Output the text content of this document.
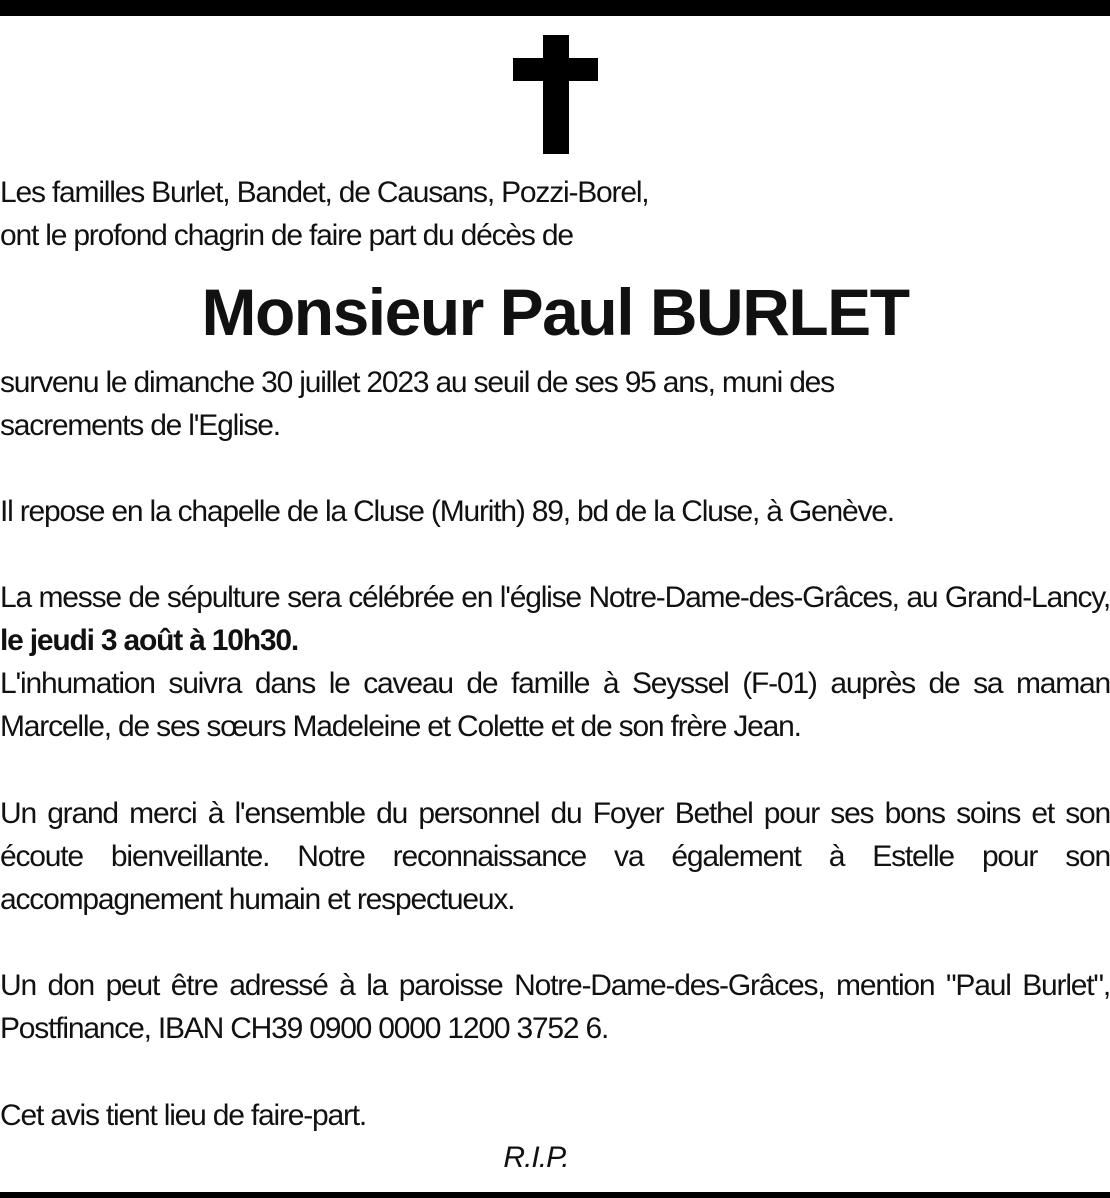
Les familles Burlet, Bandet, de Causans, Pozzi-Borel,
ont le profond chagrin de faire part du décès de

Monsieur Paul BURLET

survenu le dimanche 30 juillet 2023 au seuil de ses 95 ans, muni des
sacrements de l'Eglise.

Il repose en la chapelle de la Cluse (Murith) 89, bd de la Cluse, à Genève.

La messe de sépulture sera célébrée en l'église Notre-Dame-des-Grâces, au Grand-Lancy, le jeudi 3 août à 10h30.
L'inhumation suivra dans le caveau de famille à Seyssel (F-01) auprès de sa maman Marcelle, de ses sœurs Madeleine et Colette et de son frère Jean.

Un grand merci à l'ensemble du personnel du Foyer Bethel pour ses bons soins et son écoute bienveillante. Notre reconnaissance va également à Estelle pour son accompagnement humain et respectueux.

Un don peut être adressé à la paroisse Notre-Dame-des-Grâces, mention "Paul Burlet", Postfinance, IBAN CH39 0900 0000 1200 3752 6.

Cet avis tient lieu de faire-part.

R.I.P.
